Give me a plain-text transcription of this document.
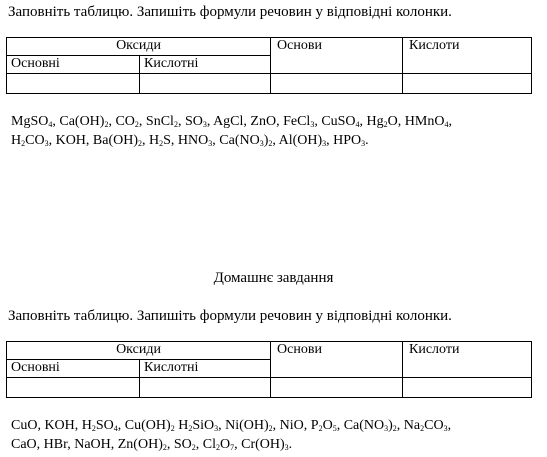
Заповніть таблицю. Запишіть формули речовин у відповідні колонки.
Оксиди		Основи	Кислоти
Основні	Кислотні		

MgSO$_4$, $Ca(OH)_2$, $CO_2$, SnCl$_2$, $SO_3$, AgCl, ZnO, FeCl$_3$, CuSO$_4$, $Hg_2O$, HMnO$_4$,
$H_2CO_3$, KOH, $Ba(OH)_2$, $H_2S$, $HNO_3$, $Ca(NO_3)_2$, $Al(OH)_3$, $HPO_3$.
Домашнє завдання
Заповніть таблицю. Запишіть формули речовин у відповідні колонки.
Оксиди		Основи	Кислоти
Основні	Кислотні		

CuO, KOH, $H_2SO_4$, $Cu(OH)_2$ $H_2SiO_3$, $Ni(OH)_2$, NiO, $P_2O_5$, $Ca(NO_3)_2$, $Na_2CO_3$,
CaO, HBr, NaOH, $Zn(OH)_2$, $SO_2$, $Cl_2O_7$, $Cr(OH)_3$.
